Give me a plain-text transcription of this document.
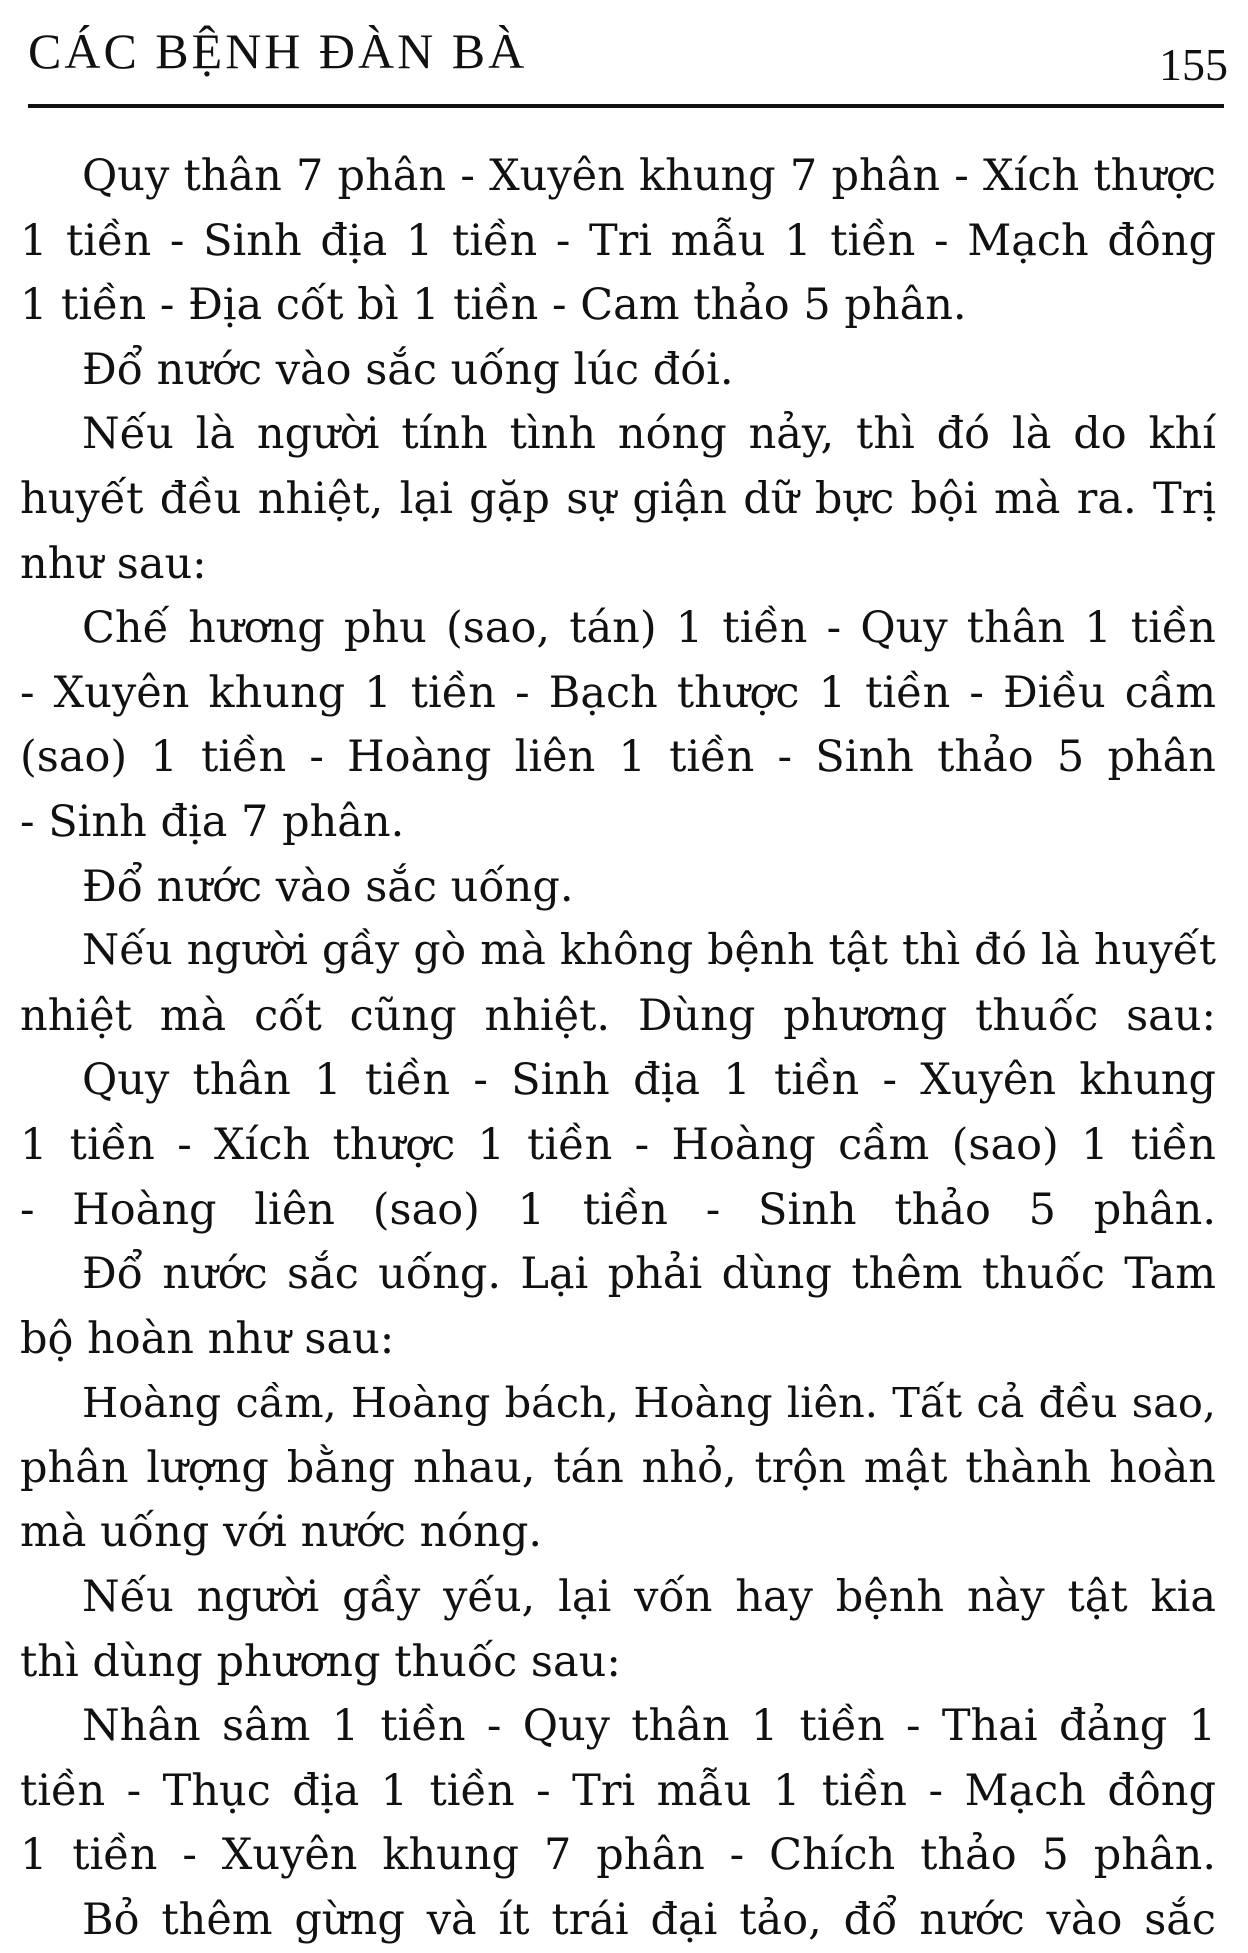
CÁC BỆNH ĐÀN BÀ	155
Quy thân 7 phân - Xuyên khung 7 phân - Xích thược
1 tiền - Sinh địa 1 tiền - Tri mẫu 1 tiền - Mạch đông
1 tiền - Địa cốt bì 1 tiền - Cam thảo 5 phân.
Đổ nước vào sắc uống lúc đói.
Nếu là người tính tình nóng nảy, thì đó là do khí
huyết đều nhiệt, lại gặp sự giận dữ bực bội mà ra. Trị
như sau:
Chế hương phu (sao, tán) 1 tiền - Quy thân 1 tiền
- Xuyên khung 1 tiền - Bạch thược 1 tiền - Điều cầm
(sao) 1 tiền - Hoàng liên 1 tiền - Sinh thảo 5 phân
- Sinh địa 7 phân.
Đổ nước vào sắc uống.
Nếu người gầy gò mà không bệnh tật thì đó là huyết
nhiệt mà cốt cũng nhiệt. Dùng phương thuốc sau:
Quy thân 1 tiền - Sinh địa 1 tiền - Xuyên khung
1 tiền - Xích thược 1 tiền - Hoàng cầm (sao) 1 tiền
- Hoàng liên (sao) 1 tiền - Sinh thảo 5 phân.
Đổ nước sắc uống. Lại phải dùng thêm thuốc Tam
bộ hoàn như sau:
Hoàng cầm, Hoàng bách, Hoàng liên. Tất cả đều sao,
phân lượng bằng nhau, tán nhỏ, trộn mật thành hoàn
mà uống với nước nóng.
Nếu người gầy yếu, lại vốn hay bệnh này tật kia
thì dùng phương thuốc sau:
Nhân sâm 1 tiền - Quy thân 1 tiền - Thai đảng 1
tiền - Thục địa 1 tiền - Tri mẫu 1 tiền - Mạch đông
1 tiền - Xuyên khung 7 phân - Chích thảo 5 phân.
Bỏ thêm gừng và ít trái đại tảo, đổ nước vào sắc
